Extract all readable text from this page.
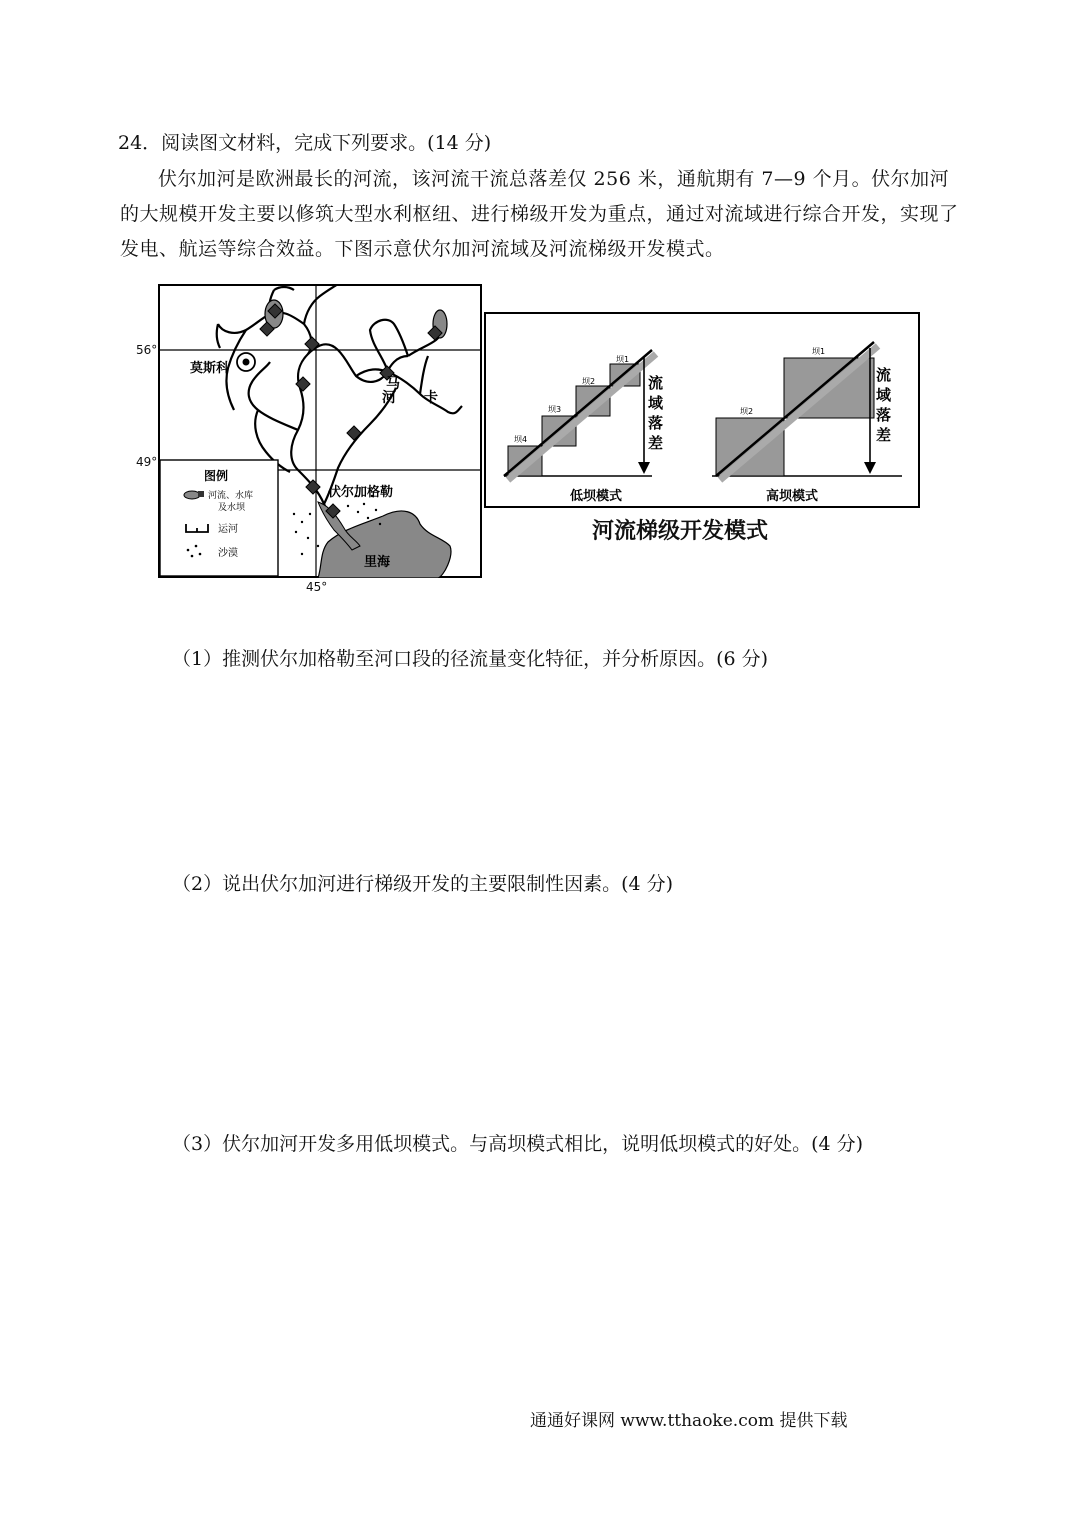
24．阅读图文材料，完成下列要求。(14 分)
伏尔加河是欧洲最长的河流，该河流干流总落差仅 256 米，通航期有 7—9 个月。伏尔加河的大规模开发主要以修筑大型水利枢纽、进行梯级开发为重点，通过对流域进行综合开发，实现了发电、航运等综合效益。下图示意伏尔加河流域及河流梯级开发模式。
莫斯科
马
卡
河
伏尔加格勒
里海
图例
河流、水库
及水坝
运河
沙漠
56°
49°
45°
坝4
坝3
坝2
坝1
流
域
落
差
低坝模式
坝2
坝1
流
域
落
差
高坝模式
河流梯级开发模式
（1）推测伏尔加格勒至河口段的径流量变化特征，并分析原因。(6 分)
（2）说出伏尔加河进行梯级开发的主要限制性因素。(4 分)
（3）伏尔加河开发多用低坝模式。与高坝模式相比，说明低坝模式的好处。(4 分)
通通好课网 www.tthaoke.com 提供下载
